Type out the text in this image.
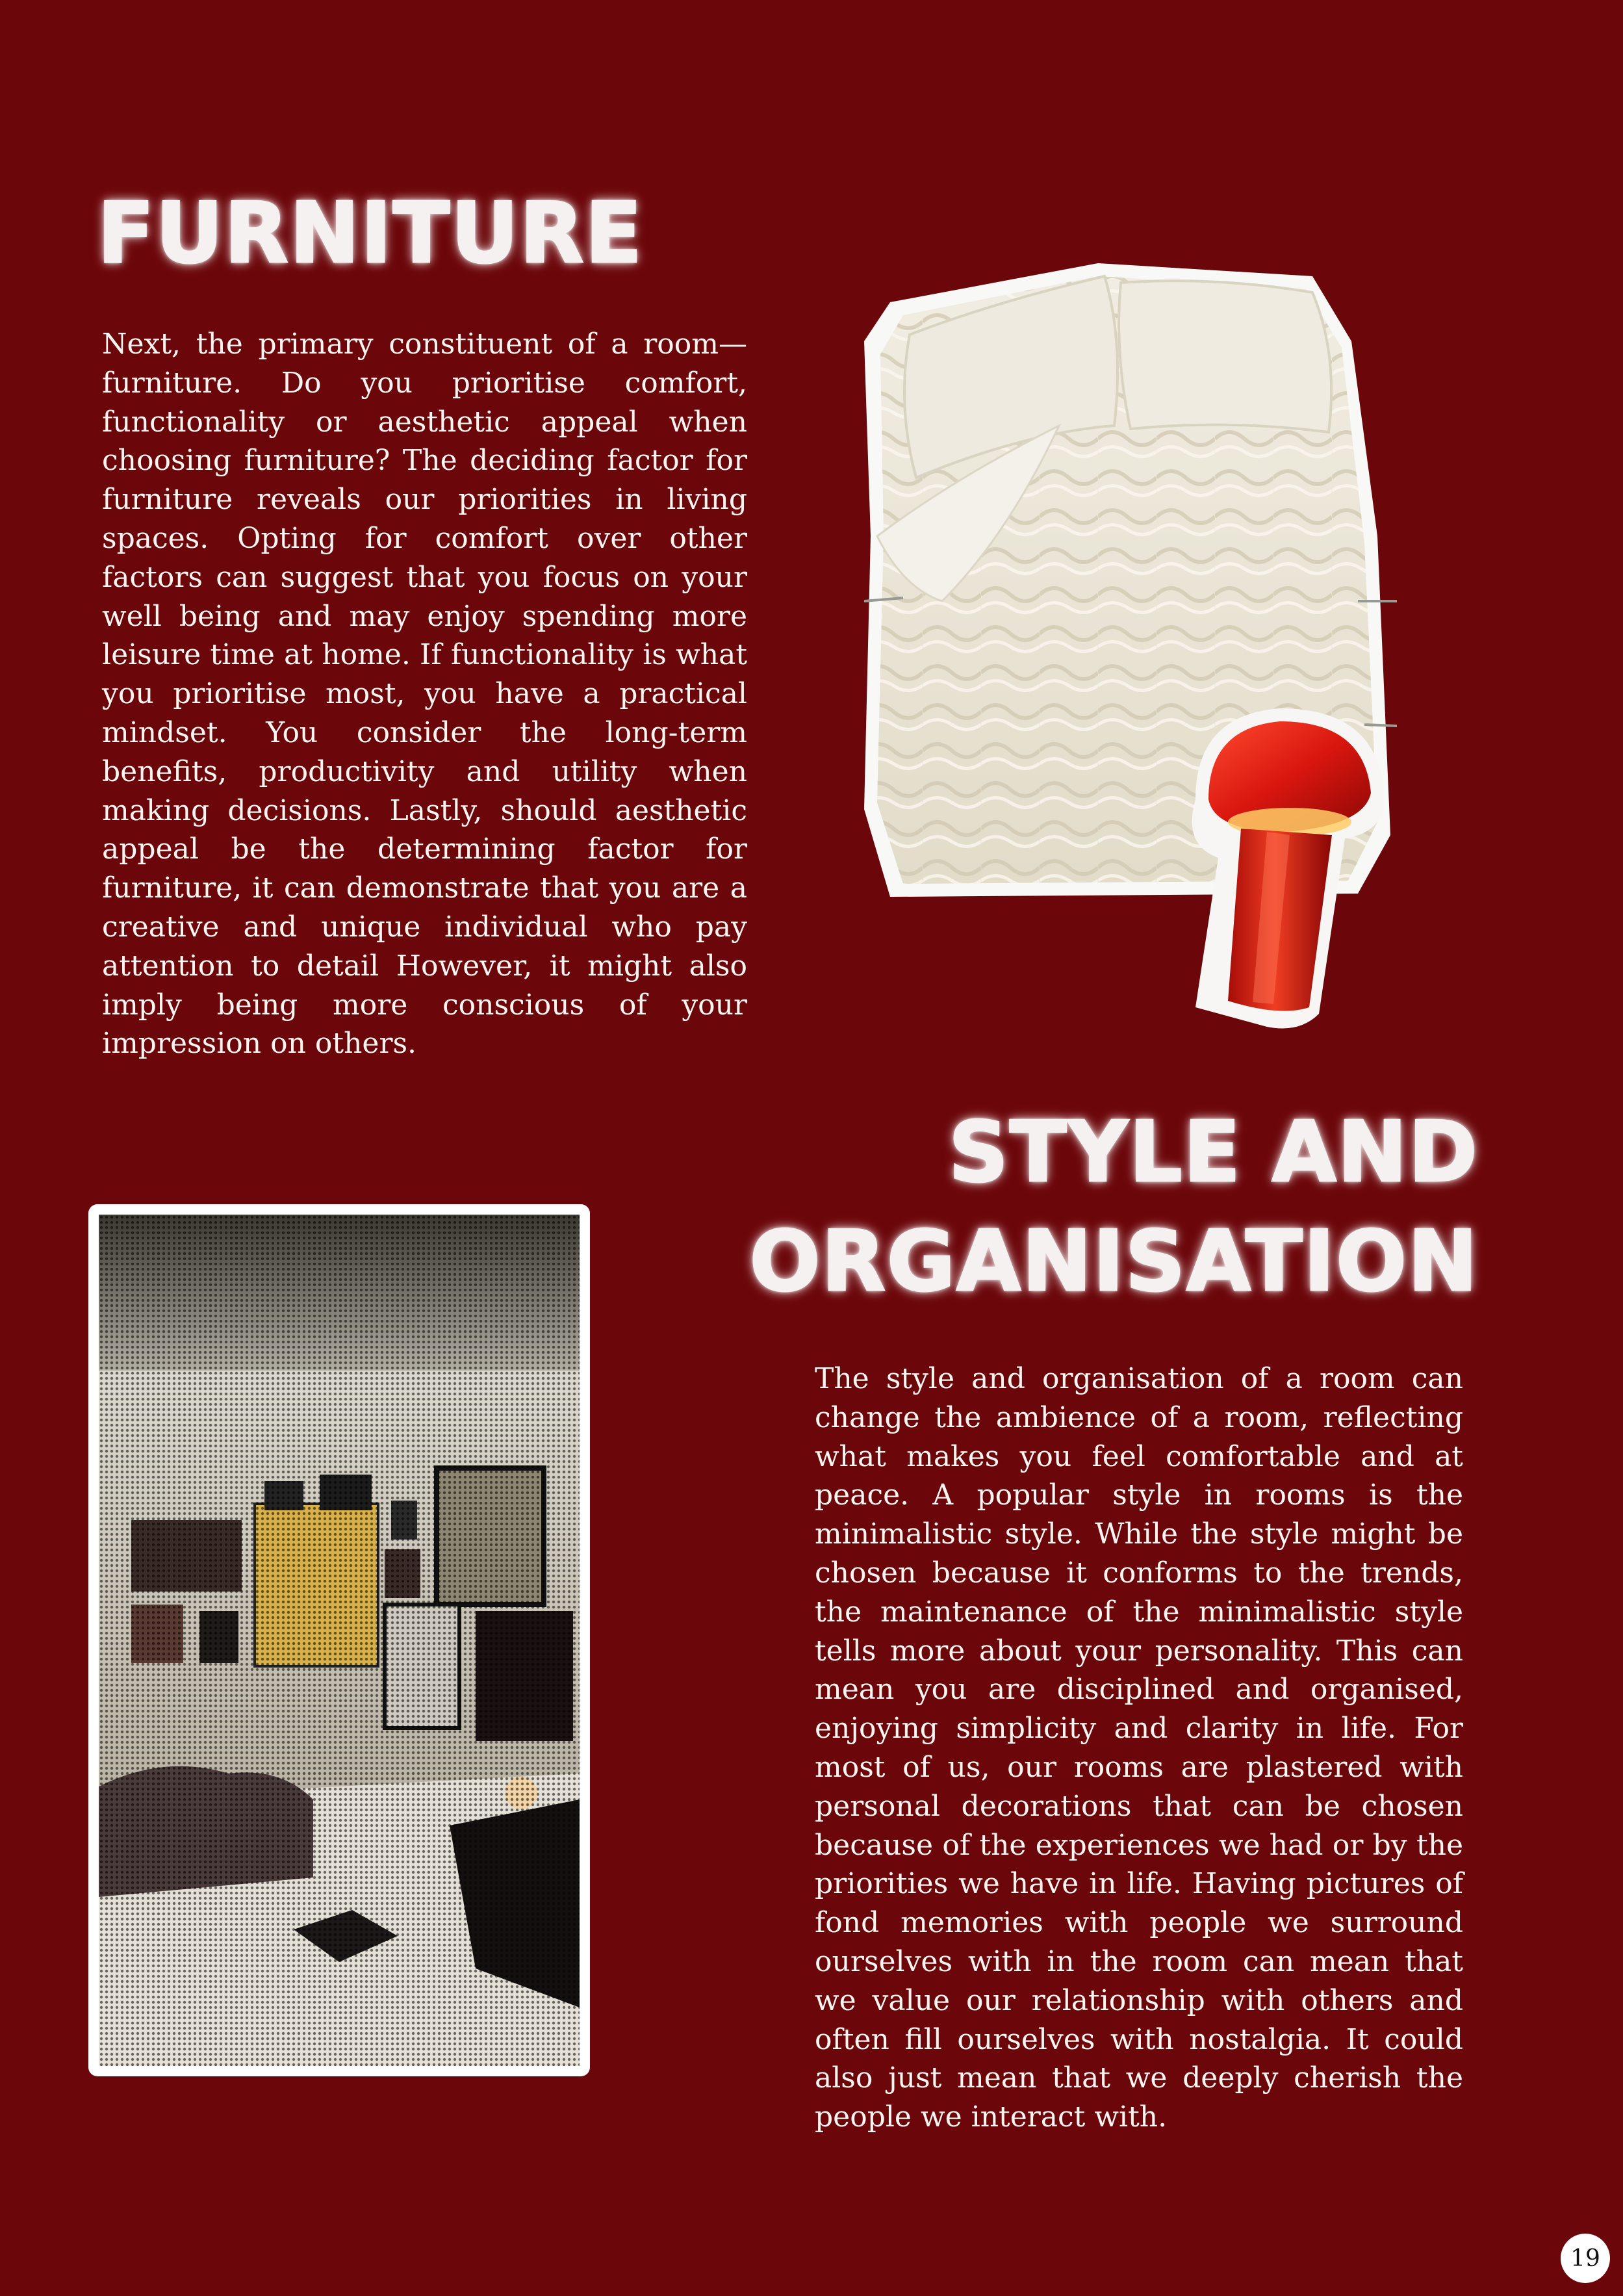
FURNITURE

Next, the primary constituent of a room—furniture. Do you prioritise comfort, functionality or aesthetic appeal when choosing furniture? The deciding factor for furniture reveals our priorities in living spaces. Opting for comfort over other factors can suggest that you focus on your well being and may enjoy spending more leisure time at home. If functionality is what you prioritise most, you have a practical mindset. You consider the long-term benefits, productivity and utility when making decisions. Lastly, should aesthetic appeal be the determining factor for furniture, it can demonstrate that you are a creative and unique individual who pay attention to detail However, it might also imply being more conscious of your impression on others.

STYLE AND ORGANISATION

The style and organisation of a room can change the ambience of a room, reflecting what makes you feel comfortable and at peace. A popular style in rooms is the minimalistic style. While the style might be chosen because it conforms to the trends, the maintenance of the minimalistic style tells more about your personality. This can mean you are disciplined and organised, enjoying simplicity and clarity in life. For most of us, our rooms are plastered with personal decorations that can be chosen because of the experiences we had or by the priorities we have in life. Having pictures of fond memories with people we surround ourselves with in the room can mean that we value our relationship with others and often fill ourselves with nostalgia. It could also just mean that we deeply cherish the people we interact with.

19
